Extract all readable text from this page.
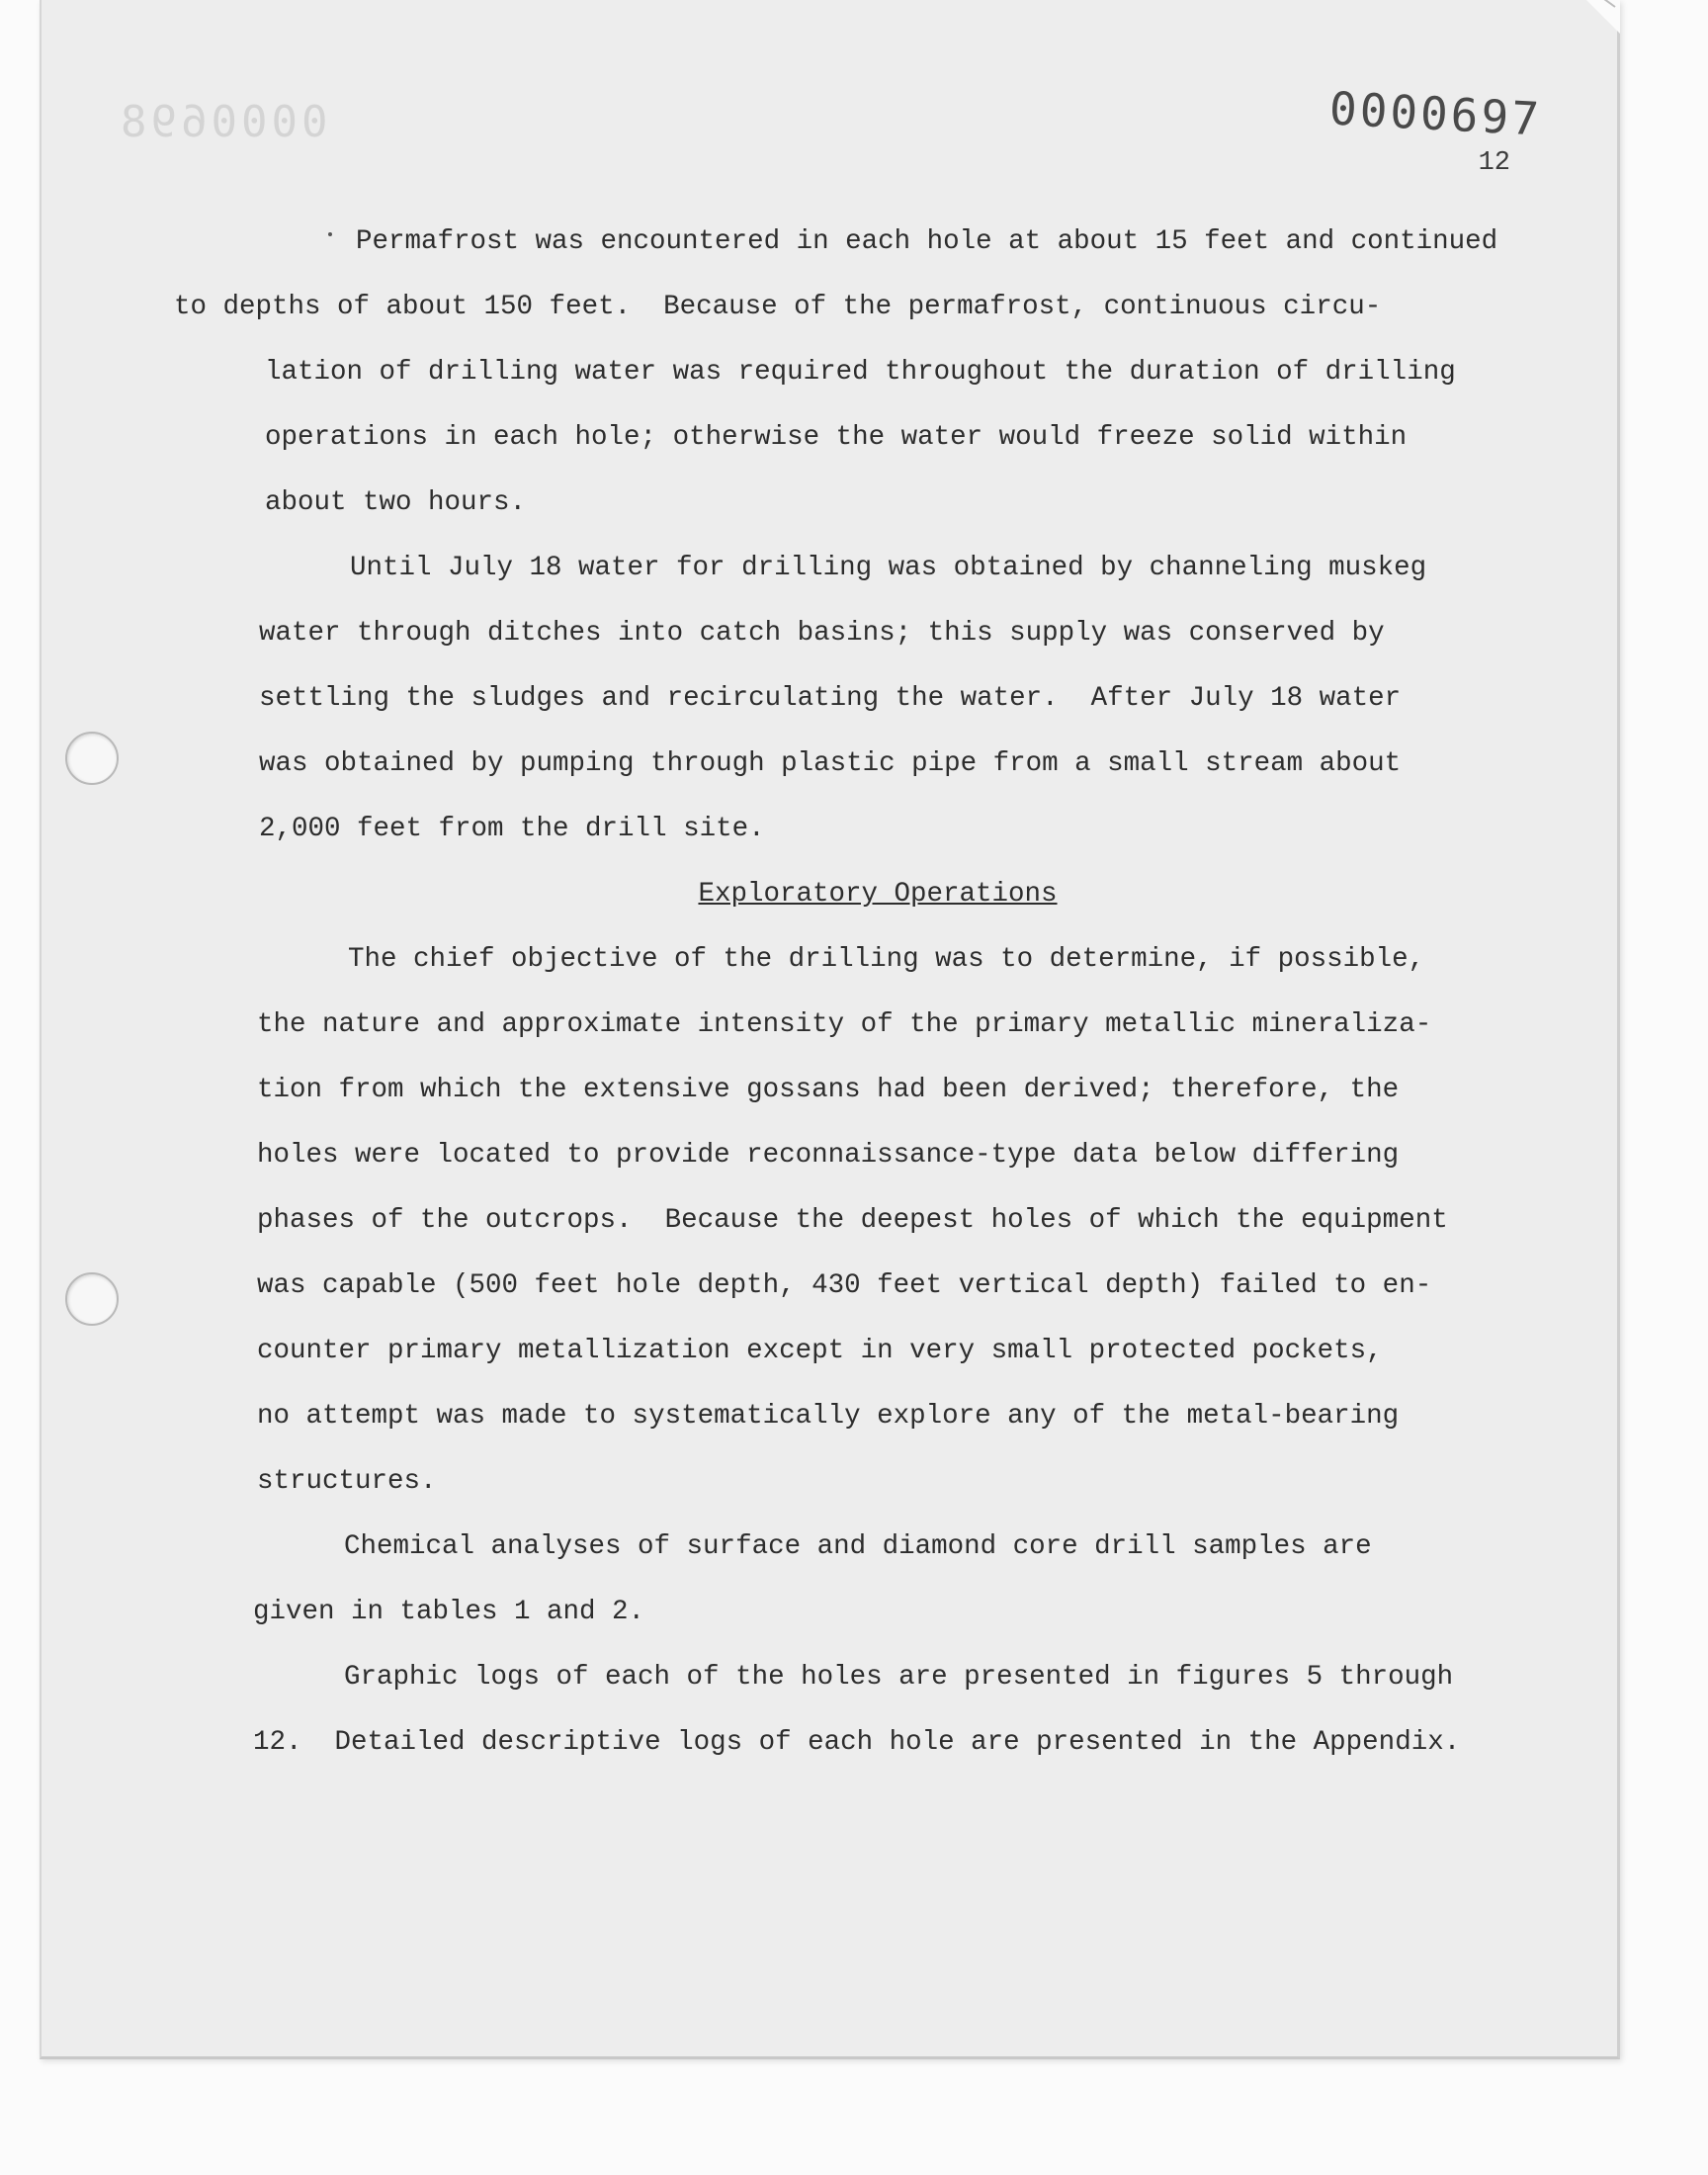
0000698	0000697
12

Permafrost was encountered in each hole at about 15 feet and continued
to depths of about 150 feet.  Because of the permafrost, continuous circu-
lation of drilling water was required throughout the duration of drilling
operations in each hole; otherwise the water would freeze solid within
about two hours.

Until July 18 water for drilling was obtained by channeling muskeg
water through ditches into catch basins; this supply was conserved by
settling the sludges and recirculating the water.  After July 18 water
was obtained by pumping through plastic pipe from a small stream about
2,000 feet from the drill site.

Exploratory Operations

The chief objective of the drilling was to determine, if possible,
the nature and approximate intensity of the primary metallic mineraliza-
tion from which the extensive gossans had been derived; therefore, the
holes were located to provide reconnaissance-type data below differing
phases of the outcrops.  Because the deepest holes of which the equipment
was capable (500 feet hole depth, 430 feet vertical depth) failed to en-
counter primary metallization except in very small protected pockets,
no attempt was made to systematically explore any of the metal-bearing
structures.

Chemical analyses of surface and diamond core drill samples are
given in tables 1 and 2.

Graphic logs of each of the holes are presented in figures 5 through
12.  Detailed descriptive logs of each hole are presented in the Appendix.
